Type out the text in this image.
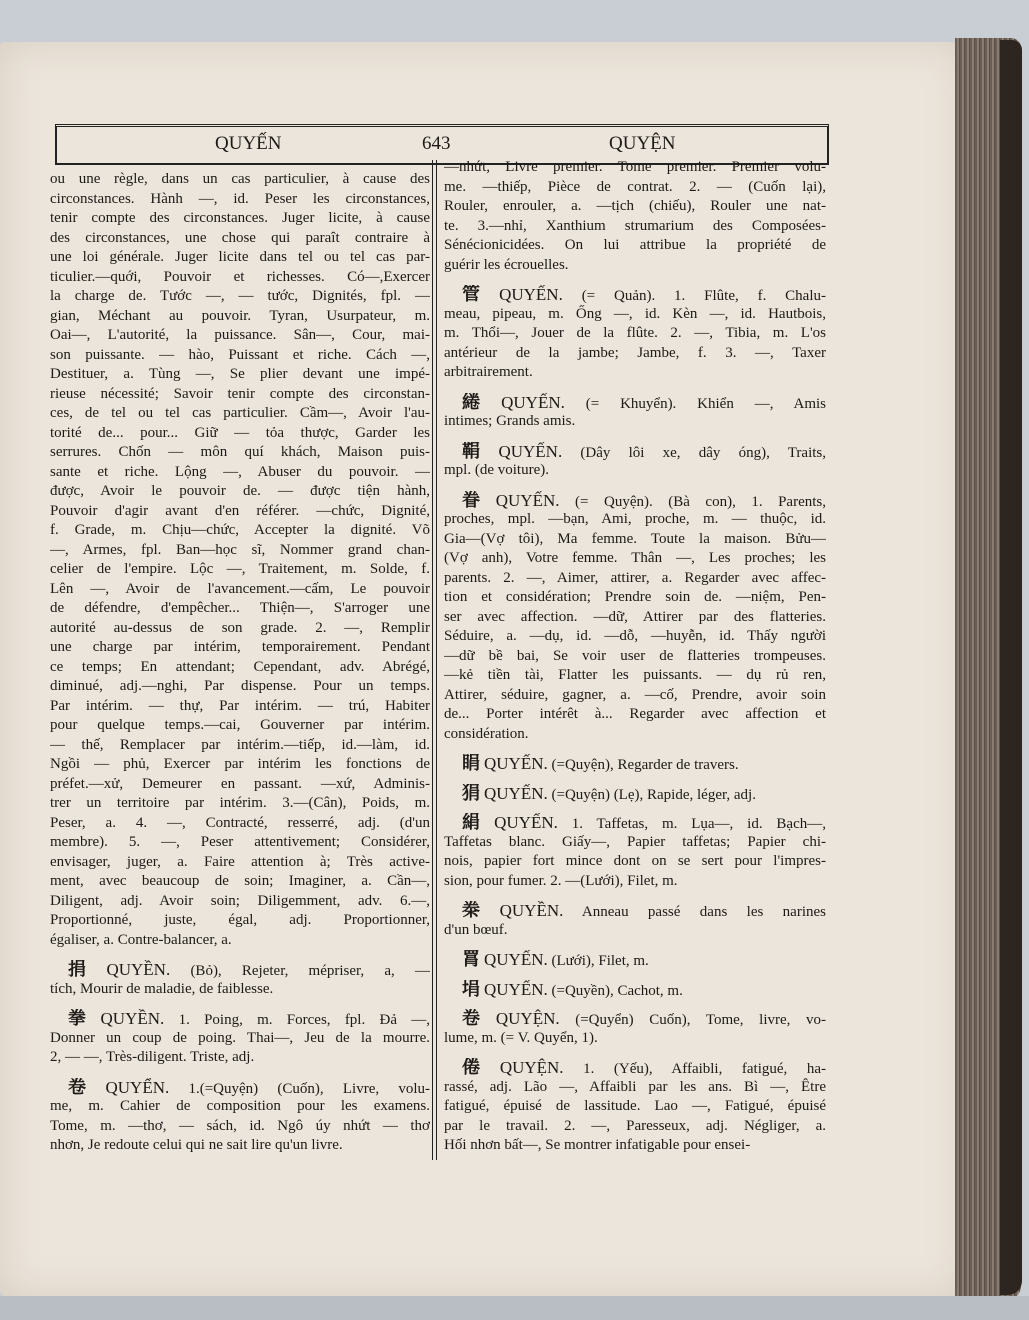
QUYẾN	643	QUYỆN
ou une règle, dans un cas particulier, à cause des
circonstances. Hành —, id. Peser les circonstances,
tenir compte des circonstances. Juger licite, à cause
des circonstances, une chose qui paraît contraire à
une loi générale. Juger licite dans tel ou tel cas par-
ticulier.—quới, Pouvoir et richesses. Có—,Exercer
la charge de. Tước —, — tước, Dignités, fpl. —
gian, Méchant au pouvoir. Tyran, Usurpateur, m.
Oai—, L'autorité, la puissance. Sân—, Cour, mai-
son puissante. — hào, Puissant et riche. Cách —,
Destituer, a. Tùng —, Se plier devant une impé-
rieuse nécessité; Savoir tenir compte des circonstan-
ces, de tel ou tel cas particulier. Cầm—, Avoir l'au-
torité de... pour... Giữ — tỏa thược, Garder les
serrures. Chốn — môn quí khách, Maison puis-
sante et riche. Lộng —, Abuser du pouvoir. —
được, Avoir le pouvoir de. — được tiện hành,
Pouvoir d'agir avant d'en référer. —chức, Dignité,
f. Grade, m. Chịu—chức, Accepter la dignité. Võ
—, Armes, fpl. Ban—học sĩ, Nommer grand chan-
celier de l'empire. Lộc —, Traitement, m. Solde, f.
Lên —, Avoir de l'avancement.—cấm, Le pouvoir
de défendre, d'empêcher... Thiện—, S'arroger une
autorité au-dessus de son grade. 2. —, Remplir
une charge par intérim, temporairement. Pendant
ce temps; En attendant; Cependant, adv. Abrégé,
diminué, adj.—nghi, Par dispense. Pour un temps.
Par intérim. — thự, Par intérim. — trú, Habiter
pour quelque temps.—cai, Gouverner par intérim.
— thế, Remplacer par intérim.—tiếp, id.—làm, id.
Ngồi — phủ, Exercer par intérim les fonctions de
préfet.—xử, Demeurer en passant. —xứ, Adminis-
trer un territoire par intérim. 3.—(Cân), Poids, m.
Peser, a. 4. —, Contracté, resserré, adj. (d'un
membre). 5. —, Peser attentivement; Considérer,
envisager, juger, a. Faire attention à; Très active-
ment, avec beaucoup de soin; Imaginer, a. Cần—,
Diligent, adj. Avoir soin; Diligemment, adv. 6.—,
Proportionné, juste, égal, adj. Proportionner,
égaliser, a. Contre-balancer, a.
捐 QUYỀN. (Bỏ), Rejeter, mépriser, a, —
tích, Mourir de maladie, de faiblesse.
拳 QUYỀN. 1. Poing, m. Forces, fpl. Đả —,
Donner un coup de poing. Thai—, Jeu de la mourre.
2, — —, Très-diligent. Triste, adj.
卷 QUYỂN. 1.(=Quyện) (Cuốn), Livre, volu-
me, m. Cahier de composition pour les examens.
Tome, m. —thơ, — sách, id. Ngô úy nhứt — thơ
nhơn, Je redoute celui qui ne sait lire qu'un livre.
—nhứt, Livre premier. Tome premier. Premier volu-
me. —thiếp, Pièce de contrat. 2. — (Cuốn lại),
Rouler, enrouler, a. —tịch (chiếu), Rouler une nat-
te. 3.—nhỉ, Xanthium strumarium des Composées-
Sénécionicidées. On lui attribue la propriété de
guérir les écrouelles.
管 QUYẾN. (= Quản). 1. Flûte, f. Chalu-
meau, pipeau, m. Ống —, id. Kèn —, id. Hautbois,
m. Thổi—, Jouer de la flûte. 2. —, Tibia, m. L'os
antérieur de la jambe; Jambe, f. 3. —, Taxer
arbitrairement.
綣 QUYẾN. (= Khuyển). Khiển —, Amis
intimes; Grands amis.
鞙 QUYẾN. (Dây lôi xe, dây óng), Traits,
mpl. (de voiture).
眷 QUYẾN. (= Quyện). (Bà con), 1. Parents,
proches, mpl. —bạn, Ami, proche, m. — thuộc, id.
Gia—(Vợ tôi), Ma femme. Toute la maison. Bửu—
(Vợ anh), Votre femme. Thân —, Les proches; les
parents. 2. —, Aimer, attirer, a. Regarder avec affec-
tion et considération; Prendre soin de. —niệm, Pen-
ser avec affection. —dữ, Attirer par des flatteries.
Séduire, a. —dụ, id. —dỗ, —huyễn, id. Thấy người
—dữ bề bai, Se voir user de flatteries trompeuses.
—kẻ tiền tài, Flatter les puissants. — dụ rủ ren,
Attirer, séduire, gagner, a. —cố, Prendre, avoir soin
de... Porter intérêt à... Regarder avec affection et
considération.
睊 QUYẾN. (=Quyện), Regarder de travers.
狷 QUYẾN. (=Quyện) (Lẹ), Rapide, léger, adj.
絹 QUYẾN. 1. Taffetas, m. Lụa—, id. Bạch—,
Taffetas blanc. Giấy—, Papier taffetas; Papier chi-
nois, papier fort mince dont on se sert pour l'impres-
sion, pour fumer. 2. —(Lưới), Filet, m.
桊 QUYỀN. Anneau passé dans les narines
d'un bœuf.
罥 QUYẾN. (Lưới), Filet, m.
埍 QUYẾN. (=Quyền), Cachot, m.
卷 QUYỆN. (=Quyển) Cuốn), Tome, livre, vo-
lume, m. (= V. Quyển, 1).
倦 QUYỆN. 1. (Yếu), Affaibli, fatigué, ha-
rassé, adj. Lão —, Affaibli par les ans. Bì —, Être
fatigué, épuisé de lassitude. Lao —, Fatigué, épuisé
par le travail. 2. —, Paresseux, adj. Négliger, a.
Hối nhơn bất—, Se montrer infatigable pour ensei-
